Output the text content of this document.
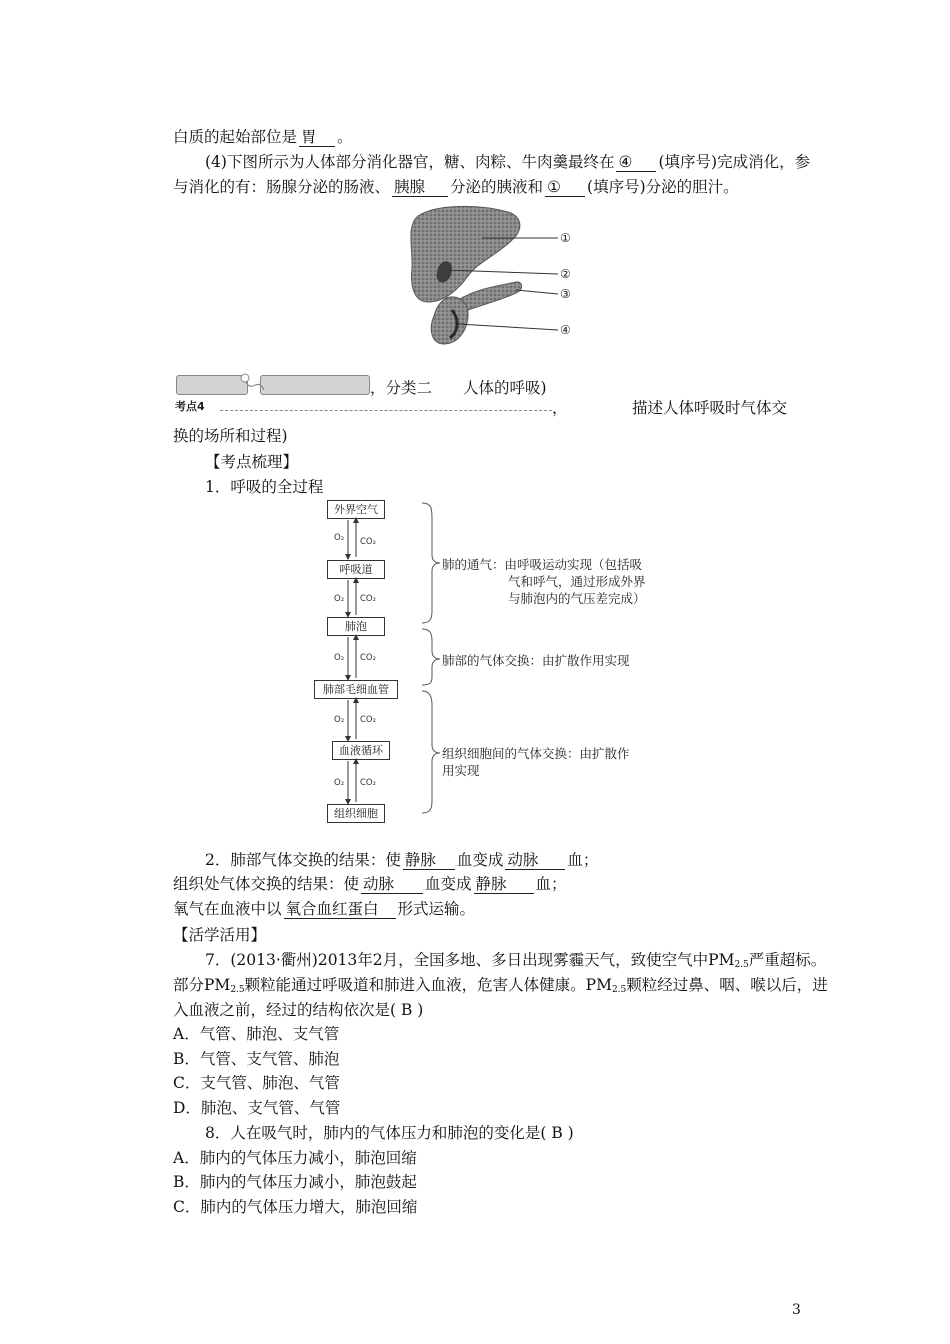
白质的起始部位是 胃 。
(4)下图所示为人体部分消化器官，糖、肉粽、牛肉羹最终在 ④ (填序号)完成消化，参
与消化的有：肠腺分泌的肠液、 胰腺 分泌的胰液和 ① (填序号)分泌的胆汁。
①
②
③
④
，分类二　　人体的呼吸)
考点4	，	描述人体呼吸时气体交
换的场所和过程)
【考点梳理】
1．呼吸的全过程
外界空气
呼吸道
肺泡
肺部毛细血管
血液循环
组织细胞
O₂ CO₂
O₂ CO₂
O₂ CO₂
O₂ CO₂
O₂ CO₂
肺的通气：由呼吸运动实现（包括吸
气和呼气，通过形成外界
与肺泡内的气压差完成）
肺部的气体交换：由扩散作用实现
组织细胞间的气体交换：由扩散作
用实现
2．肺部气体交换的结果：使 静脉 血变成 动脉 血；
组织处气体交换的结果：使 动脉 血变成 静脉 血；
氧气在血液中以 氧合血红蛋白 形式运输。
【活学活用】
7．(2013·衢州)2013年2月，全国多地、多日出现雾霾天气，致使空气中$PM_{2.5}$严重超标。
部分$PM_{2.5}$颗粒能通过呼吸道和肺进入血液，危害人体健康。$PM_{2.5}$颗粒经过鼻、咽、喉以后，进
入血液之前，经过的结构依次是( B )
A．气管、肺泡、支气管
B．气管、支气管、肺泡
C．支气管、肺泡、气管
D．肺泡、支气管、气管
8．人在吸气时，肺内的气体压力和肺泡的变化是( B )
A．肺内的气体压力减小，肺泡回缩
B．肺内的气体压力减小，肺泡鼓起
C．肺内的气体压力增大，肺泡回缩
3
